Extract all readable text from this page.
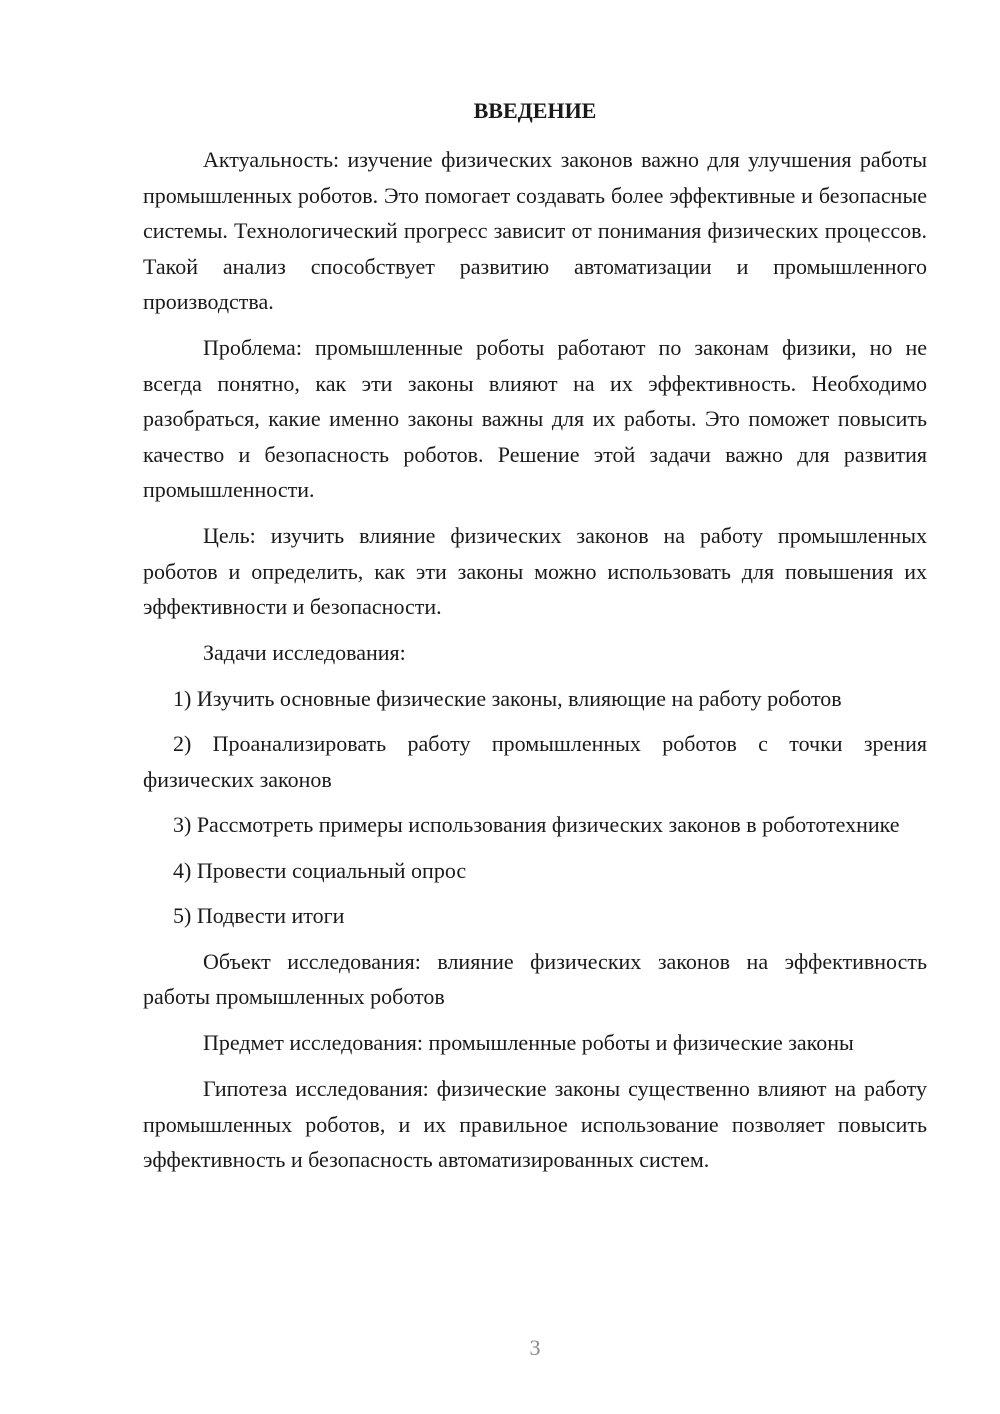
ВВЕДЕНИЕ

Актуальность: изучение физических законов важно для улучшения работы промышленных роботов. Это помогает создавать более эффективные и безопасные системы. Технологический прогресс зависит от понимания физических процессов. Такой анализ способствует развитию автоматизации и промышленного производства.

Проблема: промышленные роботы работают по законам физики, но не всегда понятно, как эти законы влияют на их эффективность. Необходимо разобраться, какие именно законы важны для их работы. Это поможет повысить качество и безопасность роботов. Решение этой задачи важно для развития промышленности.

Цель: изучить влияние физических законов на работу промышленных роботов и определить, как эти законы можно использовать для повышения их эффективности и безопасности.

Задачи исследования:

1) Изучить основные физические законы, влияющие на работу роботов

2) Проанализировать работу промышленных роботов с точки зрения физических законов

3) Рассмотреть примеры использования физических законов в робототехнике

4) Провести социальный опрос

5) Подвести итоги

Объект исследования: влияние физических законов на эффективность работы промышленных роботов

Предмет исследования: промышленные роботы и физические законы

Гипотеза исследования: физические законы существенно влияют на работу промышленных роботов, и их правильное использование позволяет повысить эффективность и безопасность автоматизированных систем.

3
